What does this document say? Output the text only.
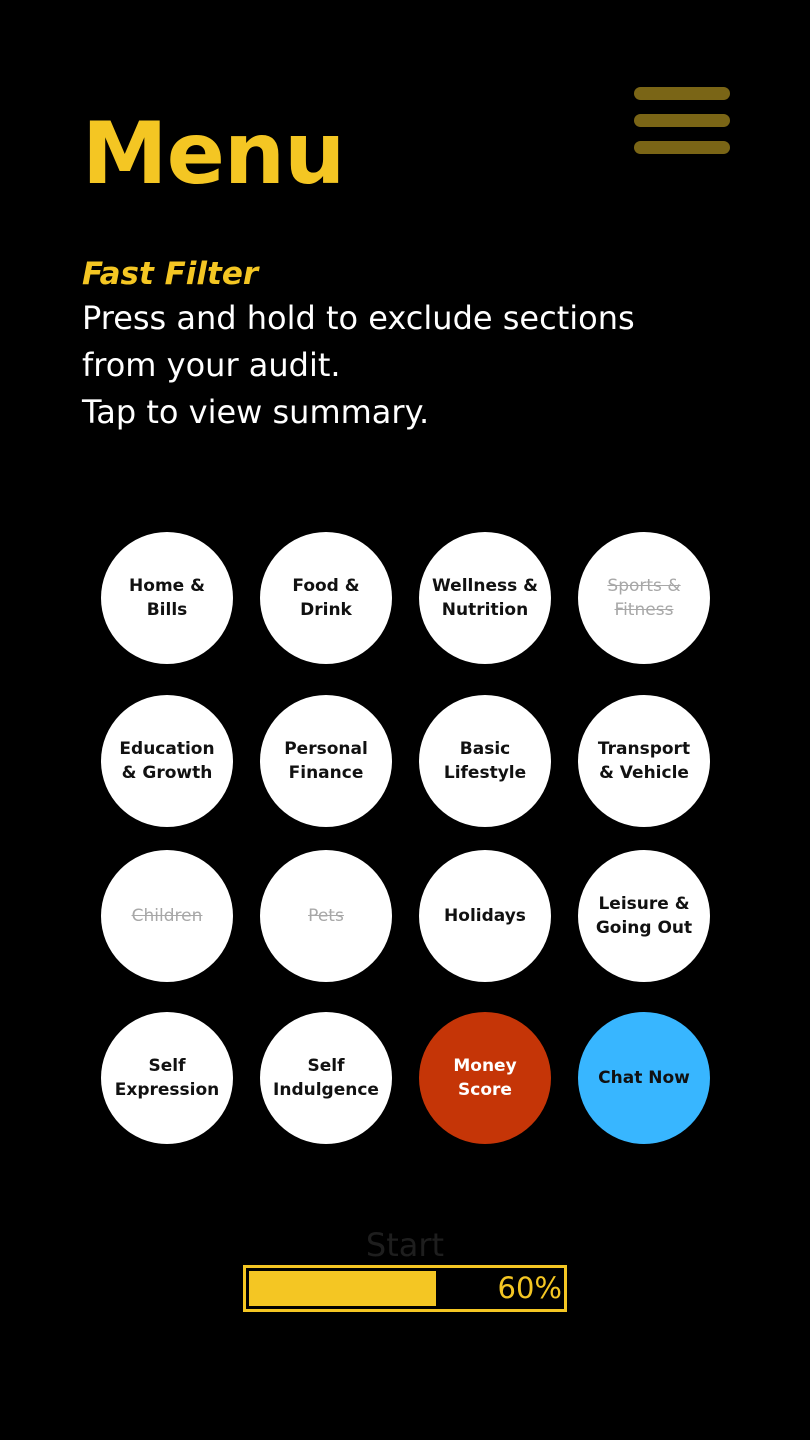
Menu
Fast Filter
Press and hold to exclude sections
from your audit.
Tap to view summary.
Home &
Bills
Food &
Drink
Wellness &
Nutrition
Sports &
Fitness
Education
& Growth
Personal
Finance
Basic
Lifestyle
Transport
& Vehicle
Children	Pets	Holidays
Leisure &
Going Out
Self
Expression
Self
Indulgence
Money
Score
Chat Now
Start
60%
